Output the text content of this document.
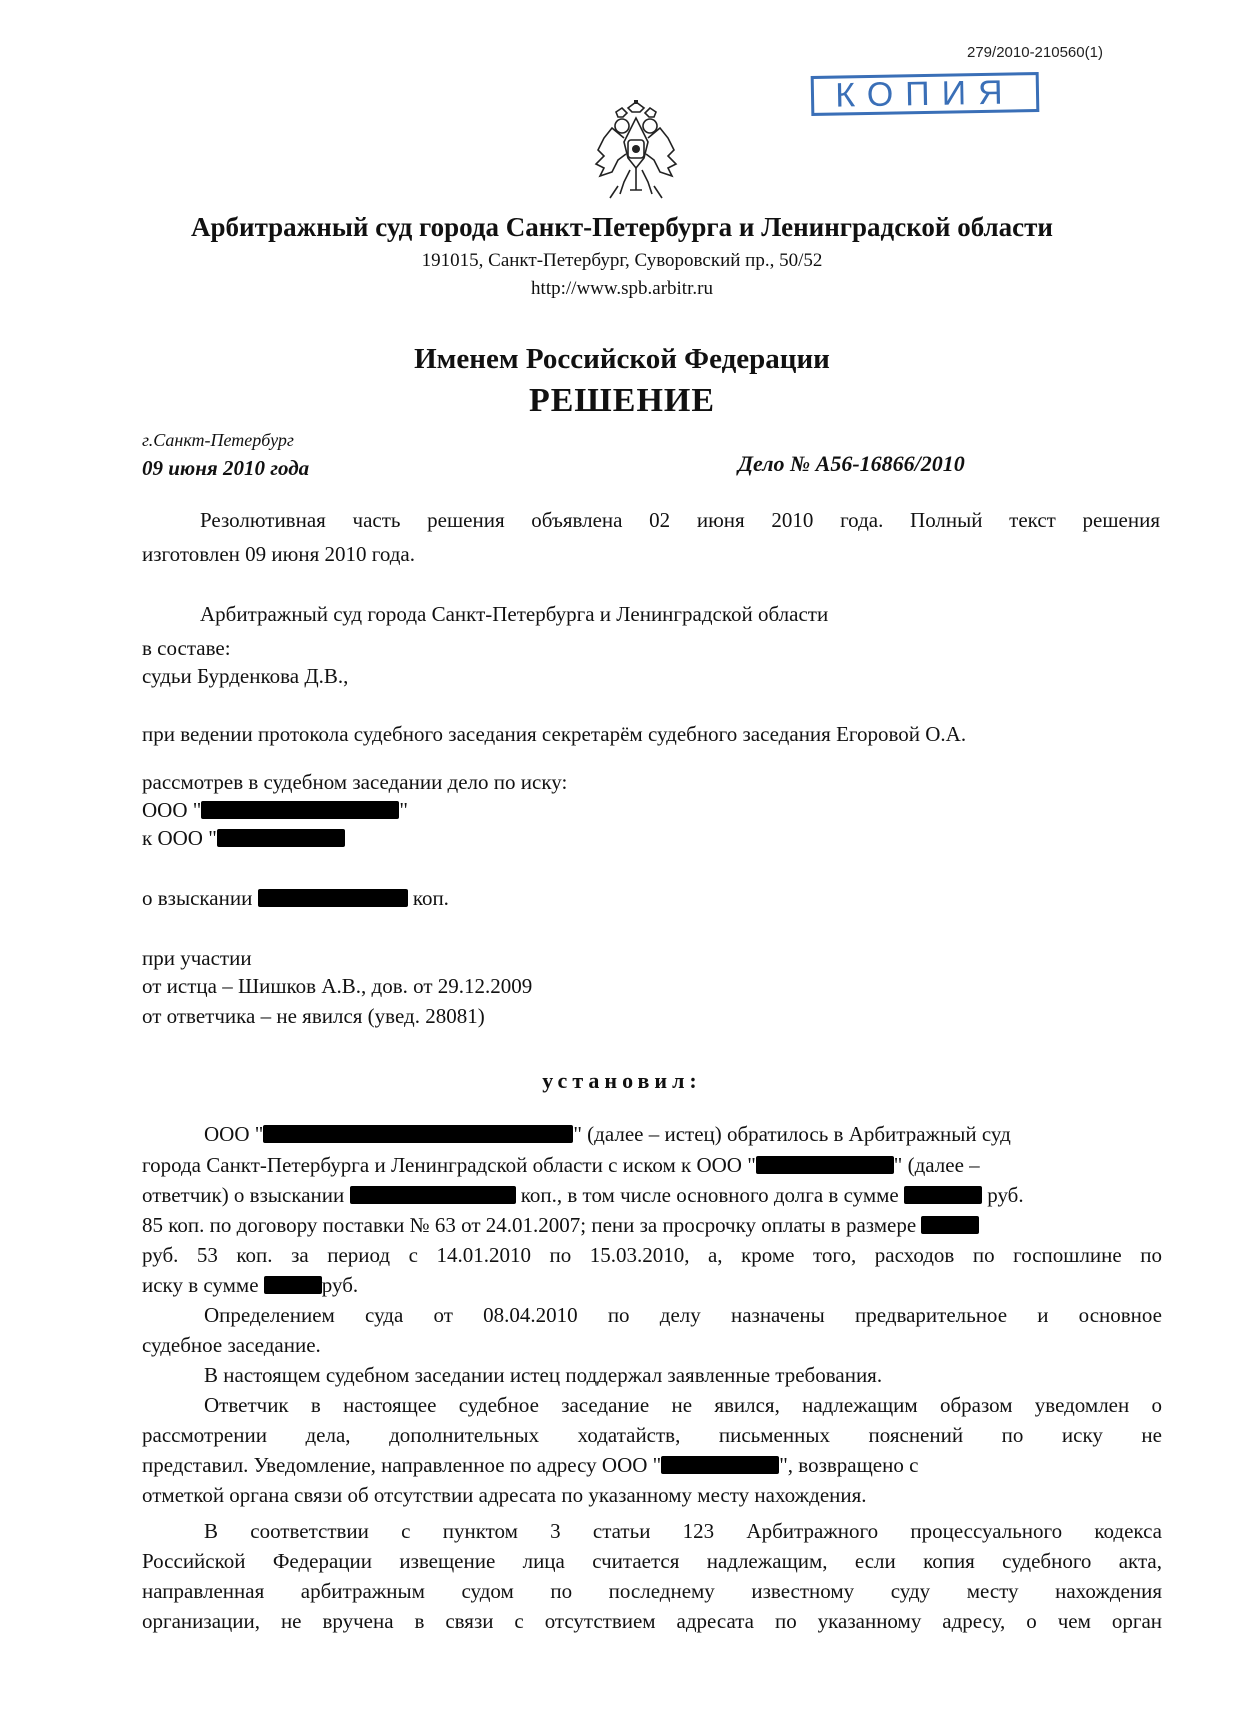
279/2010-210560(1)
КОПИЯ
Арбитражный суд города Санкт-Петербурга и Ленинградской области
191015, Санкт-Петербург, Суворовский пр., 50/52
http://www.spb.arbitr.ru
Именем Российской Федерации
РЕШЕНИЕ
г.Санкт-Петербург
09 июня 2010 года	Дело № А56-16866/2010
Резолютивная часть решения объявлена 02 июня 2010 года. Полный текст решения
изготовлен 09 июня 2010 года.
Арбитражный суд города Санкт-Петербурга и Ленинградской области
в составе:
судьи Бурденкова Д.В.,
при ведении протокола судебного заседания секретарём судебного заседания Егоровой О.А.
рассмотрев в судебном заседании дело по иску:
ООО "	"
к ООО "
о взыскании	коп.
при участии
от истца – Шишков А.В., дов. от 29.12.2009
от ответчика – не явился (увед. 28081)
установил:
ООО "	" (далее – истец) обратилось в Арбитражный суд
города Санкт-Петербурга и Ленинградской области с иском к ООО "	" (далее –
ответчик) о взыскании	коп., в том числе основного долга в сумме	руб.
85 коп. по договору поставки № 63 от 24.01.2007; пени за просрочку оплаты в размере
руб. 53 коп. за период с 14.01.2010 по 15.03.2010, а, кроме того, расходов по госпошлине по
иску в сумме	руб.
Определением суда от 08.04.2010 по делу назначены предварительное и основное
судебное заседание.
В настоящем судебном заседании истец поддержал заявленные требования.
Ответчик в настоящее судебное заседание не явился, надлежащим образом уведомлен о
рассмотрении дела, дополнительных ходатайств, письменных пояснений по иску не
представил. Уведомление, направленное по адресу ООО "	", возвращено с
отметкой органа связи об отсутствии адресата по указанному месту нахождения.
В соответствии с пунктом 3 статьи 123 Арбитражного процессуального кодекса
Российской Федерации извещение лица считается надлежащим, если копия судебного акта,
направленная арбитражным судом по последнему известному суду месту нахождения
организации, не вручена в связи с отсутствием адресата по указанному адресу, о чем орган
